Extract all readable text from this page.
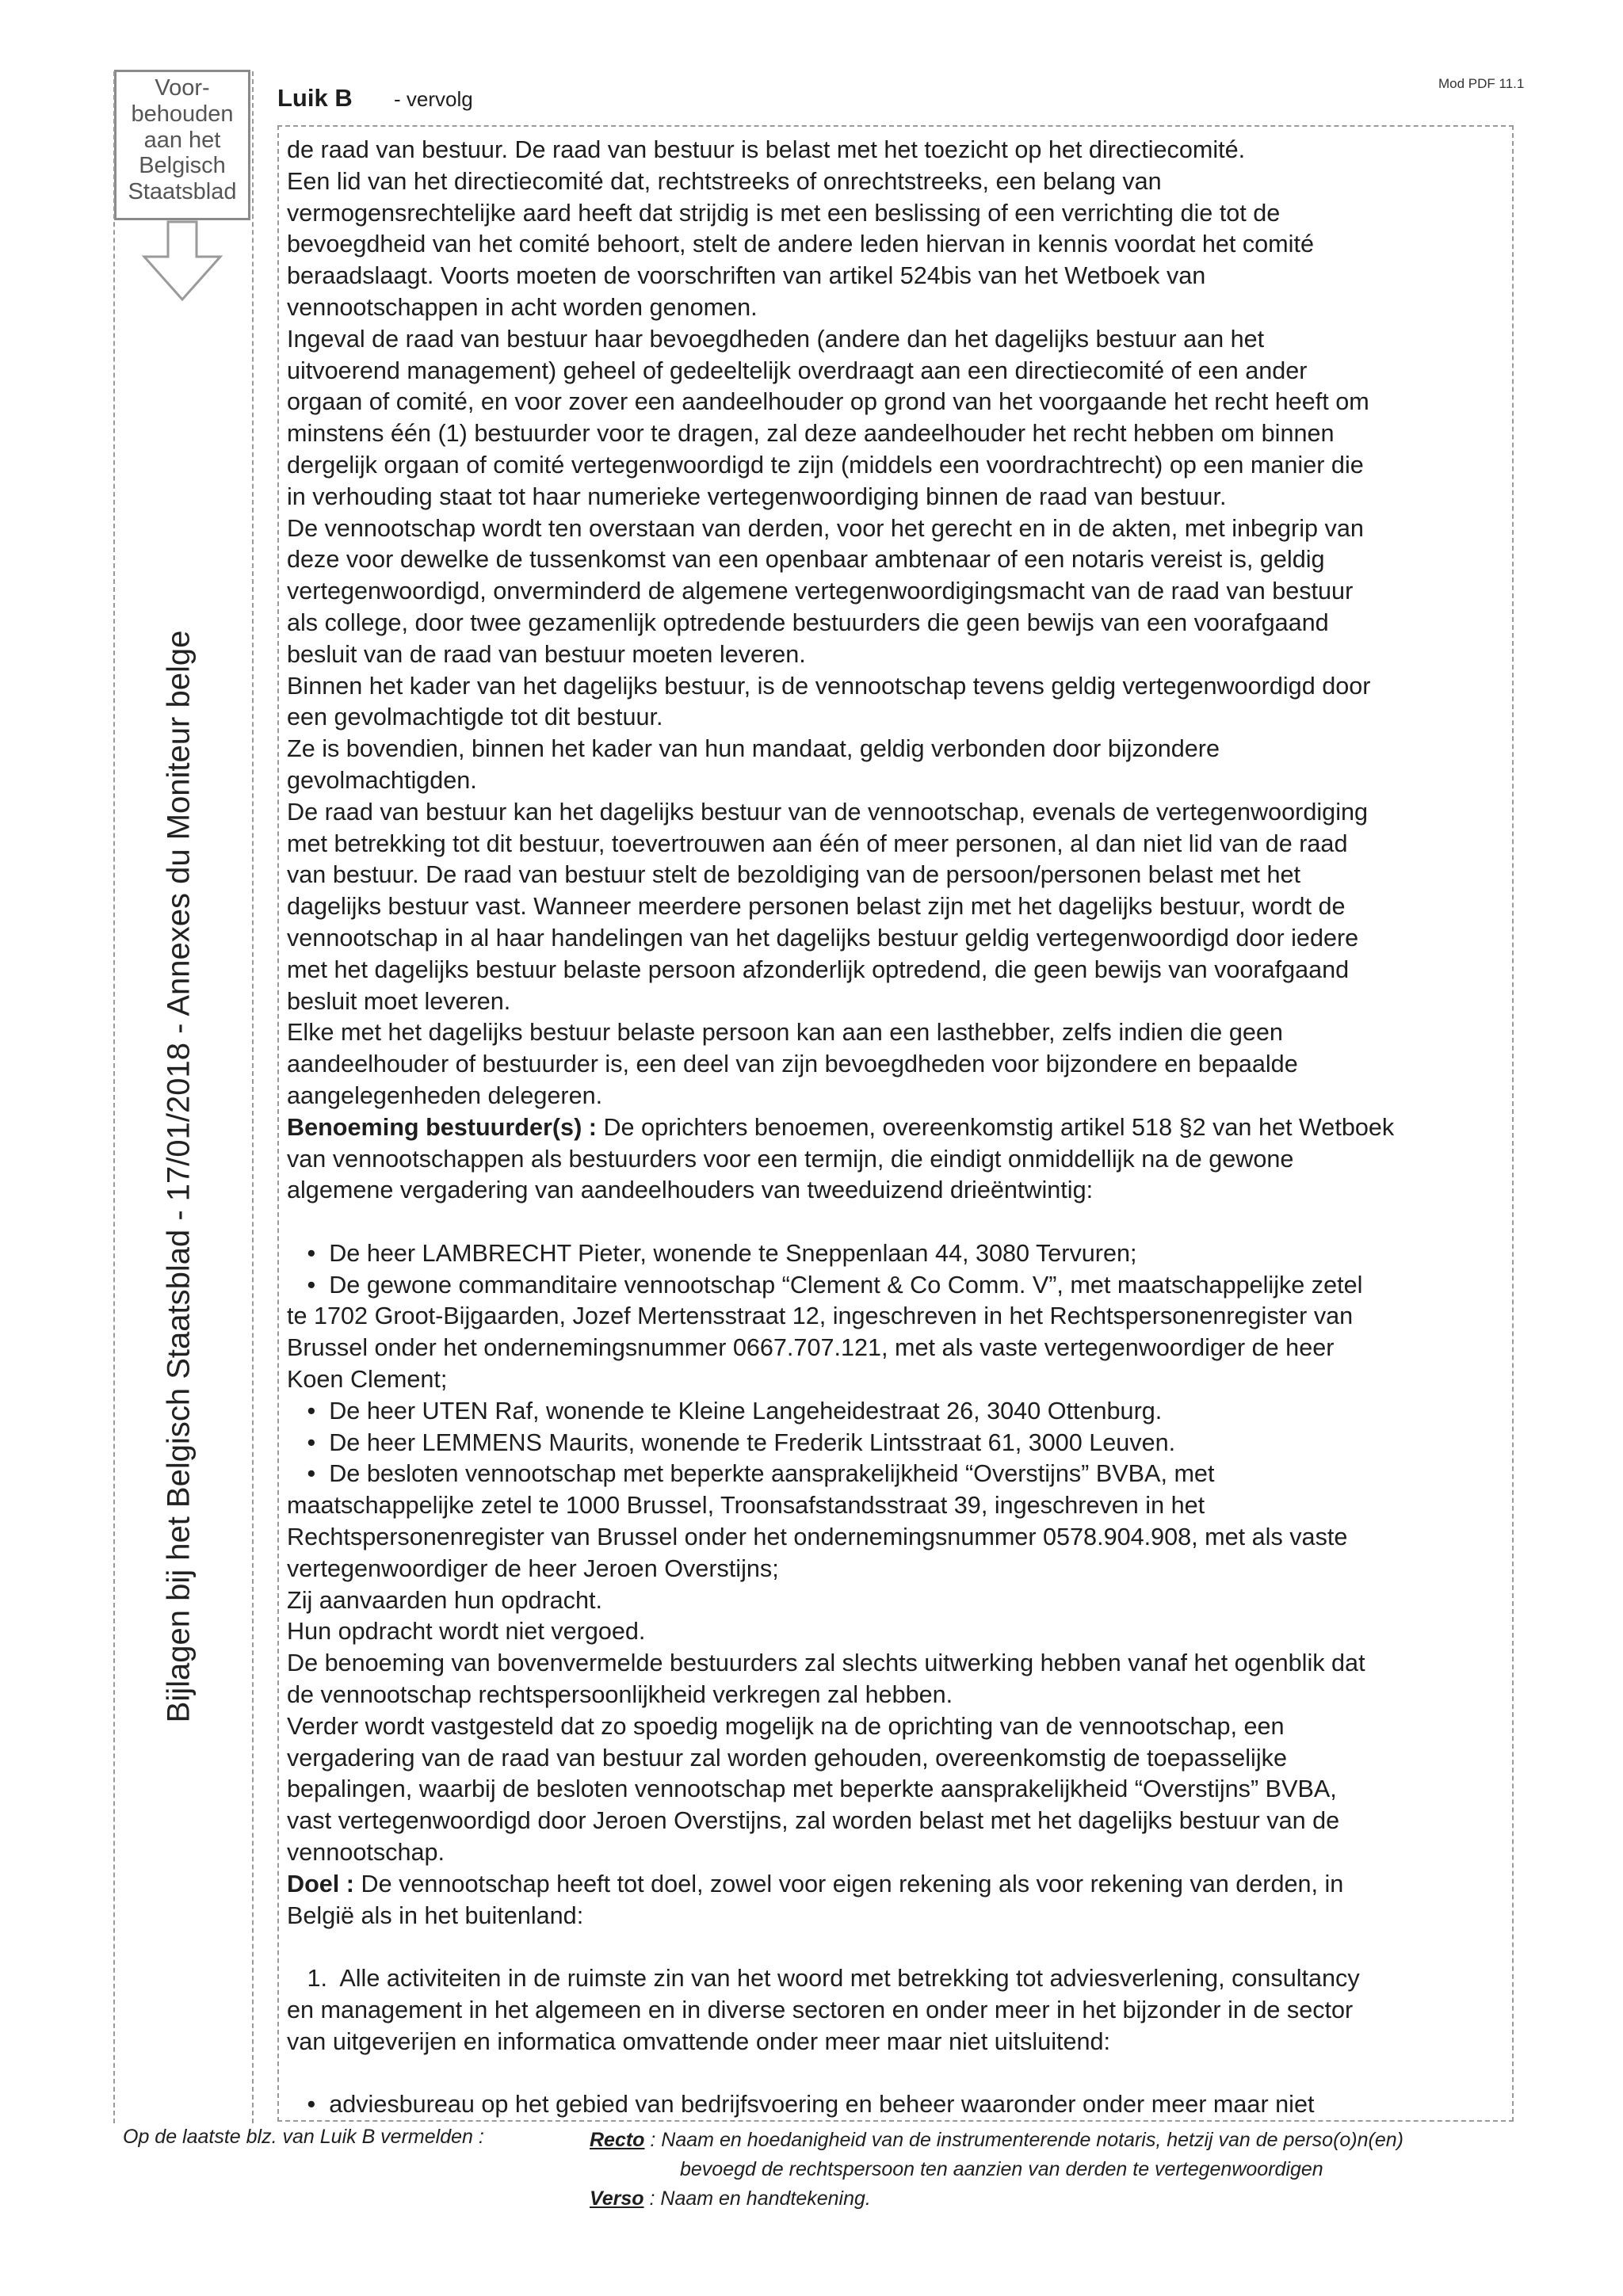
Voor-
behouden
aan het
Belgisch
Staatsblad
Bijlagen bij het Belgisch Staatsblad - 17/01/2018 - Annexes du Moniteur belge
Luik B - vervolg
Mod PDF 11.1

de raad van bestuur. De raad van bestuur is belast met het toezicht op het directiecomité.

Een lid van het directiecomité dat, rechtstreeks of onrechtstreeks, een belang van

vermogensrechtelijke aard heeft dat strijdig is met een beslissing of een verrichting die tot de

bevoegdheid van het comité behoort, stelt de andere leden hiervan in kennis voordat het comité

beraadslaagt. Voorts moeten de voorschriften van artikel 524bis van het Wetboek van

vennootschappen in acht worden genomen.

Ingeval de raad van bestuur haar bevoegdheden (andere dan het dagelijks bestuur aan het

uitvoerend management) geheel of gedeeltelijk overdraagt aan een directiecomité of een ander

orgaan of comité, en voor zover een aandeelhouder op grond van het voorgaande het recht heeft om

minstens één (1) bestuurder voor te dragen, zal deze aandeelhouder het recht hebben om binnen

dergelijk orgaan of comité vertegenwoordigd te zijn (middels een voordrachtrecht) op een manier die

in verhouding staat tot haar numerieke vertegenwoordiging binnen de raad van bestuur.

De vennootschap wordt ten overstaan van derden, voor het gerecht en in de akten, met inbegrip van

deze voor dewelke de tussenkomst van een openbaar ambtenaar of een notaris vereist is, geldig

vertegenwoordigd, onverminderd de algemene vertegenwoordigingsmacht van de raad van bestuur

als college, door twee gezamenlijk optredende bestuurders die geen bewijs van een voorafgaand

besluit van de raad van bestuur moeten leveren.

Binnen het kader van het dagelijks bestuur, is de vennootschap tevens geldig vertegenwoordigd door

een gevolmachtigde tot dit bestuur.

Ze is bovendien, binnen het kader van hun mandaat, geldig verbonden door bijzondere

gevolmachtigden.

De raad van bestuur kan het dagelijks bestuur van de vennootschap, evenals de vertegenwoordiging

met betrekking tot dit bestuur, toevertrouwen aan één of meer personen, al dan niet lid van de raad

van bestuur. De raad van bestuur stelt de bezoldiging van de persoon/personen belast met het

dagelijks bestuur vast. Wanneer meerdere personen belast zijn met het dagelijks bestuur, wordt de

vennootschap in al haar handelingen van het dagelijks bestuur geldig vertegenwoordigd door iedere

met het dagelijks bestuur belaste persoon afzonderlijk optredend, die geen bewijs van voorafgaand

besluit moet leveren.

Elke met het dagelijks bestuur belaste persoon kan aan een lasthebber, zelfs indien die geen

aandeelhouder of bestuurder is, een deel van zijn bevoegdheden voor bijzondere en bepaalde

aangelegenheden delegeren.

Benoeming bestuurder(s) : De oprichters benoemen, overeenkomstig artikel 518 §2 van het Wetboek

van vennootschappen als bestuurders voor een termijn, die eindigt onmiddellijk na de gewone

algemene vergadering van aandeelhouders van tweeduizend drieëntwintig:

•  De heer LAMBRECHT Pieter, wonende te Sneppenlaan 44, 3080 Tervuren;

•  De gewone commanditaire vennootschap “Clement & Co Comm. V”, met maatschappelijke zetel

te 1702 Groot-Bijgaarden, Jozef Mertensstraat 12, ingeschreven in het Rechtspersonenregister van

Brussel onder het ondernemingsnummer 0667.707.121, met als vaste vertegenwoordiger de heer

Koen Clement;

•  De heer UTEN Raf, wonende te Kleine Langeheidestraat 26, 3040 Ottenburg.

•  De heer LEMMENS Maurits, wonende te Frederik Lintsstraat 61, 3000 Leuven.

•  De besloten vennootschap met beperkte aansprakelijkheid “Overstijns” BVBA, met

maatschappelijke zetel te 1000 Brussel, Troonsafstandsstraat 39, ingeschreven in het

Rechtspersonenregister van Brussel onder het ondernemingsnummer 0578.904.908, met als vaste

vertegenwoordiger de heer Jeroen Overstijns;

Zij aanvaarden hun opdracht.

Hun opdracht wordt niet vergoed.

De benoeming van bovenvermelde bestuurders zal slechts uitwerking hebben vanaf het ogenblik dat

de vennootschap rechtspersoonlijkheid verkregen zal hebben.

Verder wordt vastgesteld dat zo spoedig mogelijk na de oprichting van de vennootschap, een

vergadering van de raad van bestuur zal worden gehouden, overeenkomstig de toepasselijke

bepalingen, waarbij de besloten vennootschap met beperkte aansprakelijkheid “Overstijns” BVBA,

vast vertegenwoordigd door Jeroen Overstijns, zal worden belast met het dagelijks bestuur van de

vennootschap.

Doel : De vennootschap heeft tot doel, zowel voor eigen rekening als voor rekening van derden, in

België als in het buitenland:

1.  Alle activiteiten in de ruimste zin van het woord met betrekking tot adviesverlening, consultancy

en management in het algemeen en in diverse sectoren en onder meer in het bijzonder in de sector

van uitgeverijen en informatica omvattende onder meer maar niet uitsluitend:

•  adviesbureau op het gebied van bedrijfsvoering en beheer waaronder onder meer maar niet

Op de laatste blz. van Luik B vermelden :	Recto : Naam en hoedanigheid van de instrumenterende notaris, hetzij van de perso(o)n(en)
bevoegd de rechtspersoon ten aanzien van derden te vertegenwoordigen
Verso : Naam en handtekening.
